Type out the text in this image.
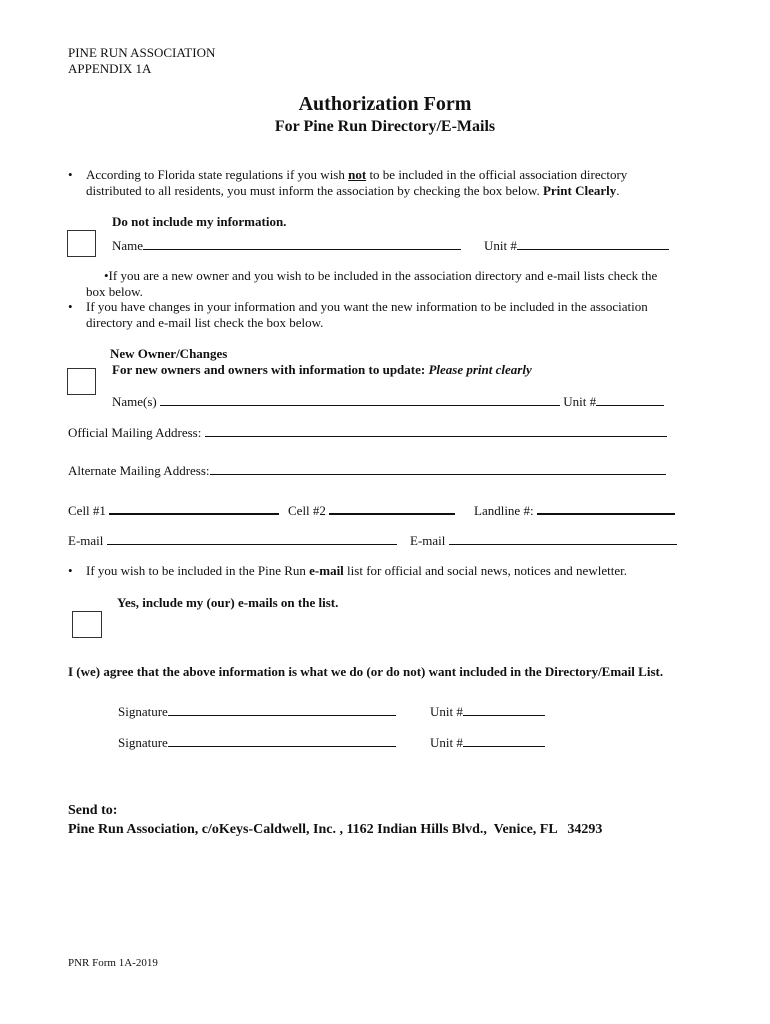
PINE RUN ASSOCIATION
APPENDIX 1A
Authorization Form
For Pine Run Directory/E-Mails
• According to Florida state regulations if you wish not to be included in the official association directory
distributed to all residents, you must inform the association by checking the box below. Print Clearly.
Do not include my information.
Name	Unit #
•If you are a new owner and you wish to be included in the association directory and e-mail lists check the
box below.
• If you have changes in your information and you want the new information to be included in the association
directory and e-mail list check the box below.
New Owner/Changes
For new owners and owners with information to update: Please print clearly
Name(s)	Unit #
Official Mailing Address:
Alternate Mailing Address:
Cell #1	Cell #2	Landline #:
E-mail	E-mail
• If you wish to be included in the Pine Run e-mail list for official and social news, notices and newletter.
Yes, include my (our) e-mails on the list.
I (we) agree that the above information is what we do (or do not) want included in the Directory/Email List.
Signature	Unit #
Signature	Unit #
Send to:
Pine Run Association, c/oKeys-Caldwell, Inc. , 1162 Indian Hills Blvd.,  Venice, FL   34293
PNR Form 1A-2019
